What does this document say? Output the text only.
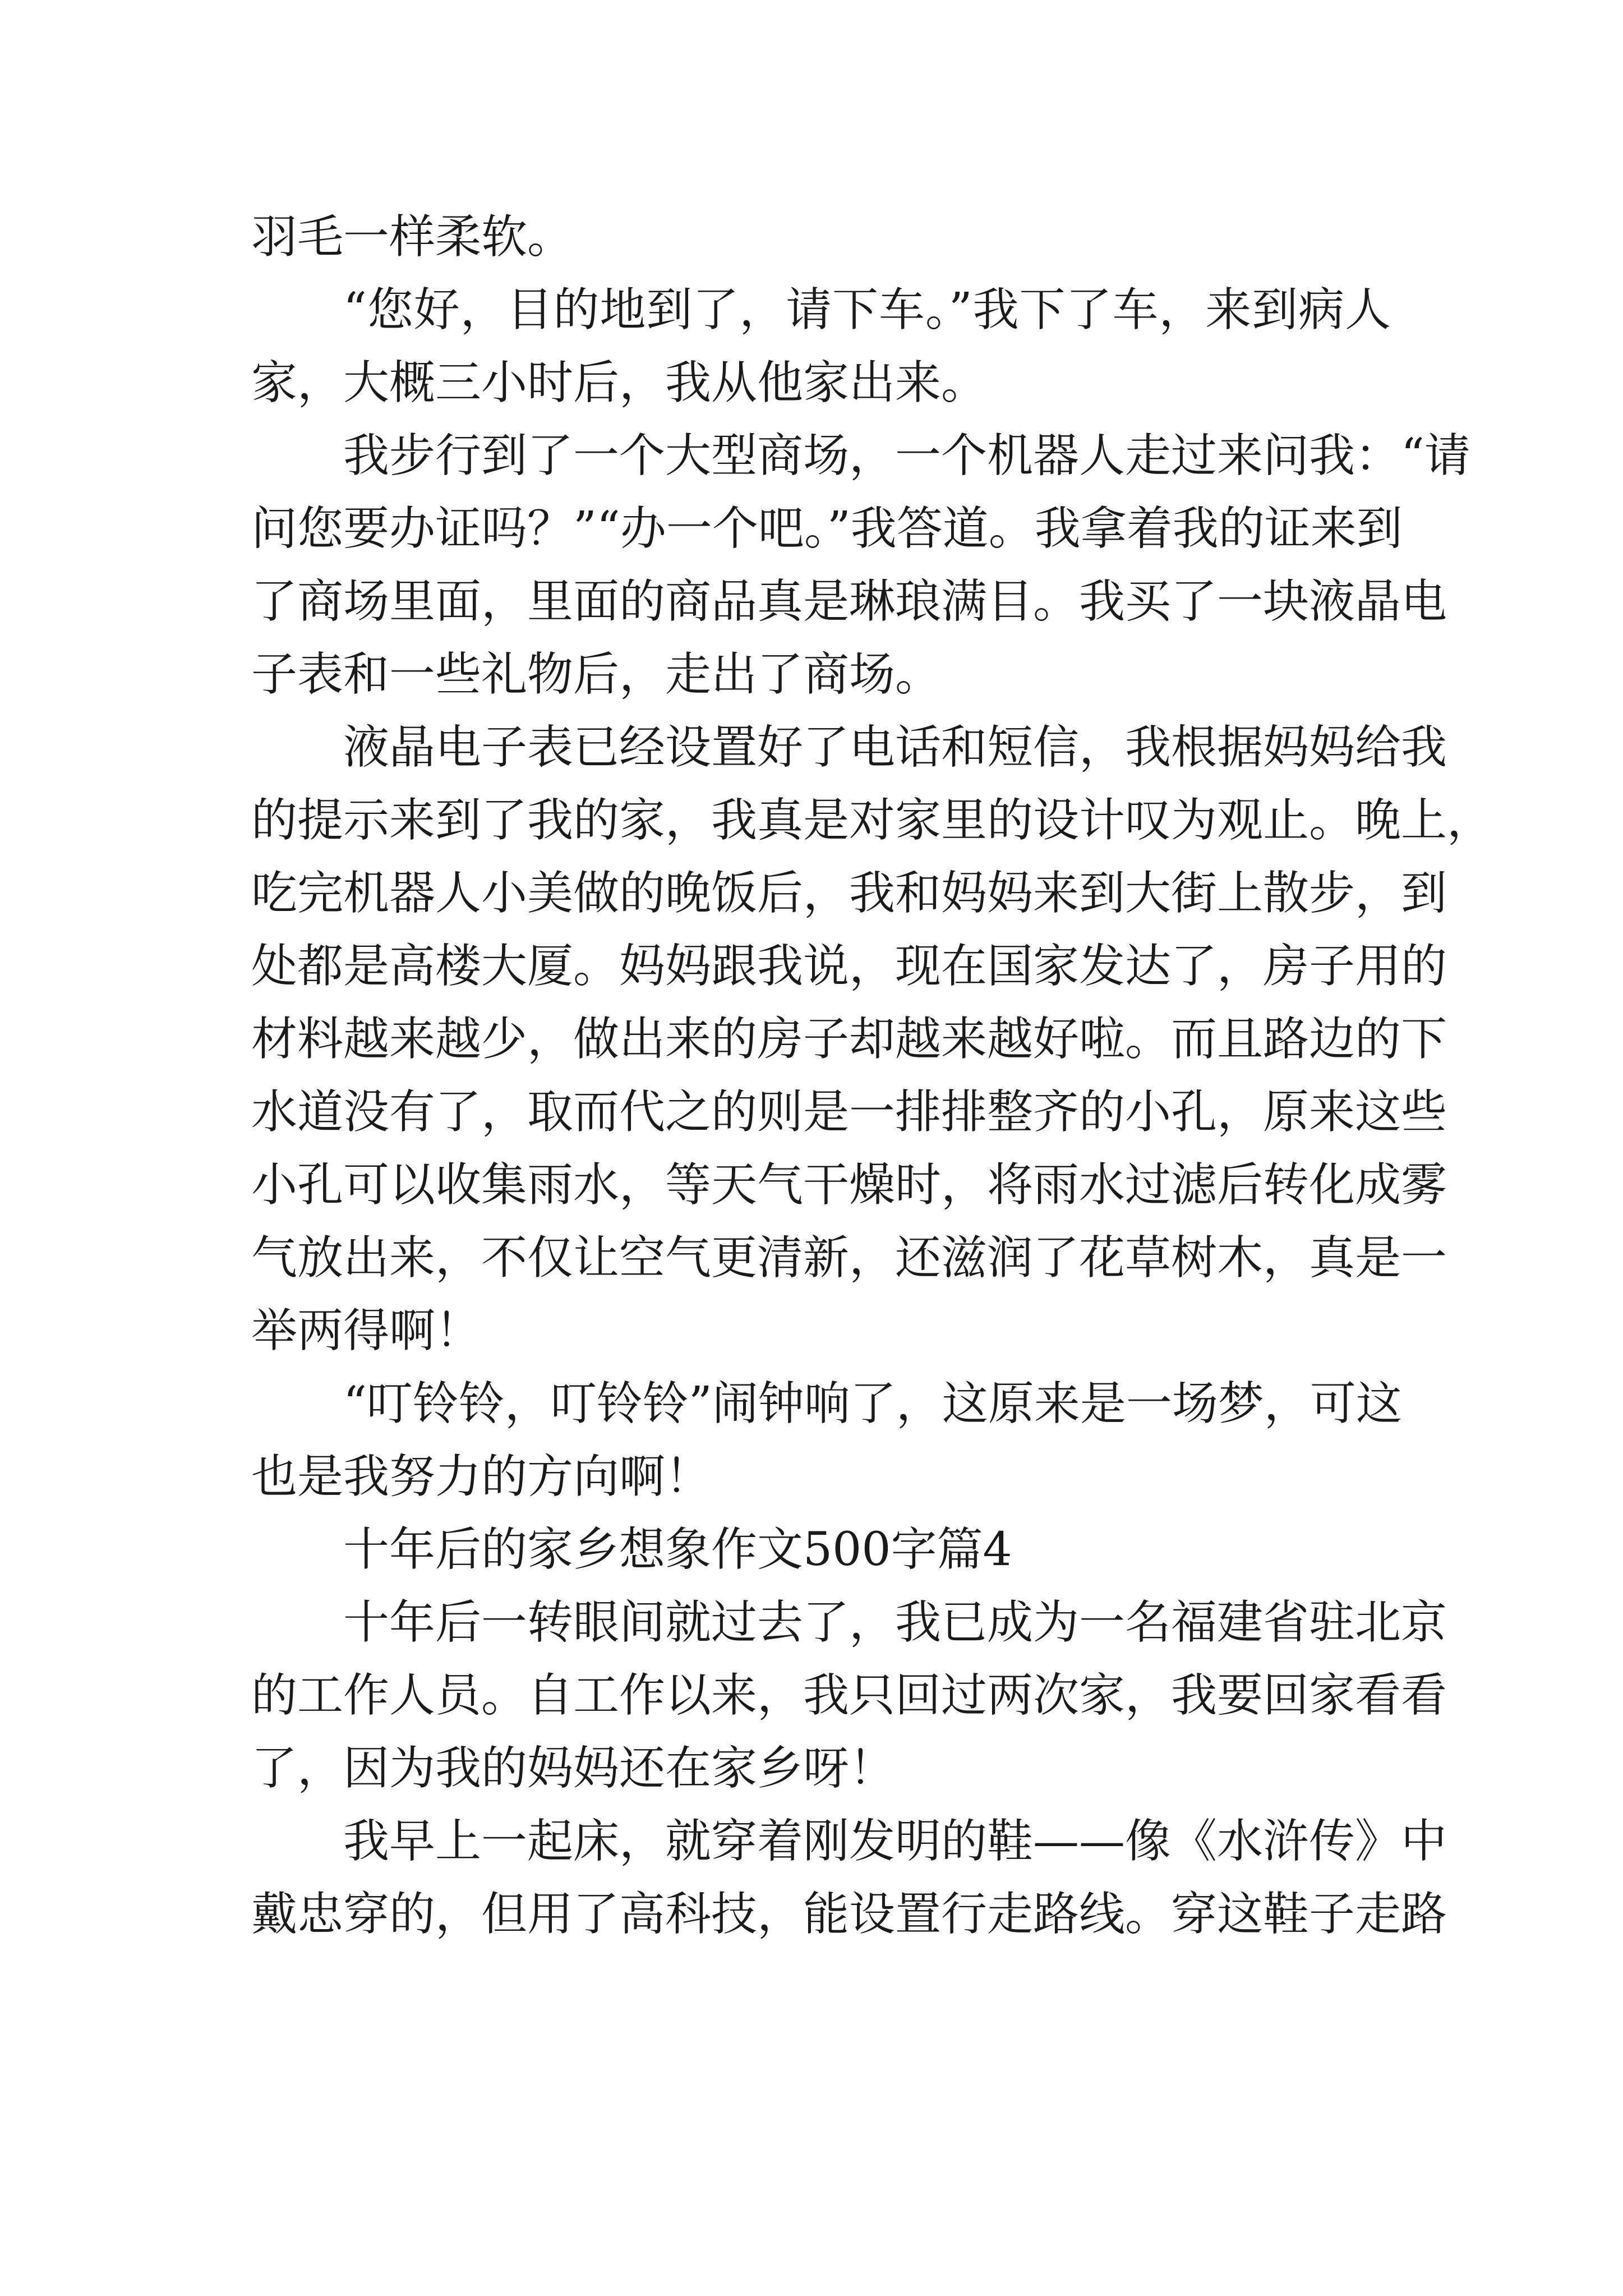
羽毛一样柔软。
“您好，目的地到了，请下车。”我下了车，来到病人
家，大概三小时后，我从他家出来。
我步行到了一个大型商场，一个机器人走过来问我：“请
问您要办证吗？”“办一个吧。”我答道。我拿着我的证来到
了商场里面，里面的商品真是琳琅满目。我买了一块液晶电
子表和一些礼物后，走出了商场。
液晶电子表已经设置好了电话和短信，我根据妈妈给我
的提示来到了我的家，我真是对家里的设计叹为观止。晚上，
吃完机器人小美做的晚饭后，我和妈妈来到大街上散步，到
处都是高楼大厦。妈妈跟我说，现在国家发达了，房子用的
材料越来越少，做出来的房子却越来越好啦。而且路边的下
水道没有了，取而代之的则是一排排整齐的小孔，原来这些
小孔可以收集雨水，等天气干燥时，将雨水过滤后转化成雾
气放出来，不仅让空气更清新，还滋润了花草树木，真是一
举两得啊！
“叮铃铃，叮铃铃”闹钟响了，这原来是一场梦，可这
也是我努力的方向啊！
十年后的家乡想象作文500字篇4
十年后一转眼间就过去了，我已成为一名福建省驻北京
的工作人员。自工作以来，我只回过两次家，我要回家看看
了，因为我的妈妈还在家乡呀！
我早上一起床，就穿着刚发明的鞋——像《水浒传》中
戴忠穿的，但用了高科技，能设置行走路线。穿这鞋子走路
